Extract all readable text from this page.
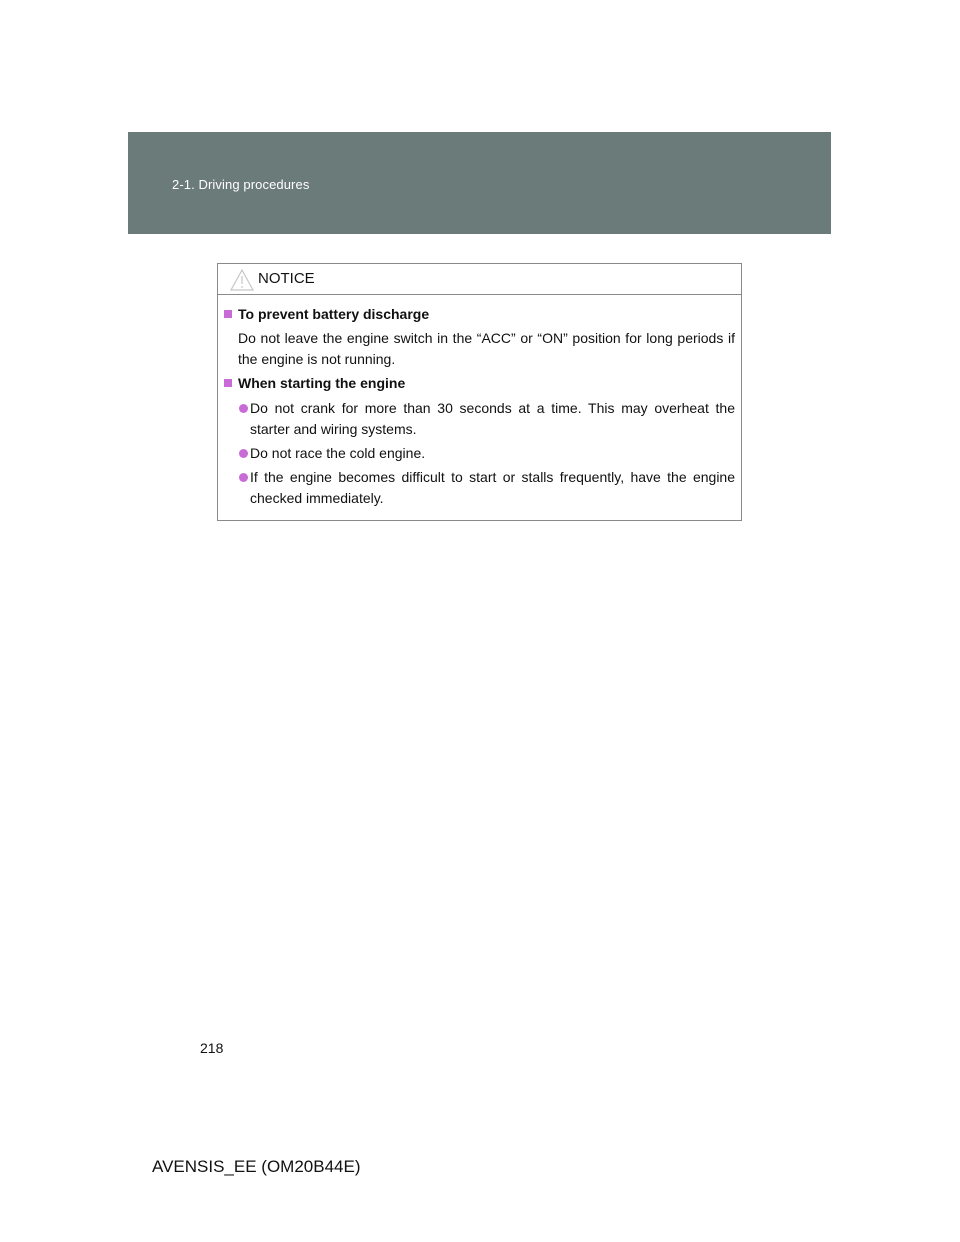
2-1. Driving procedures
NOTICE
To prevent battery discharge
Do not leave the engine switch in the “ACC” or “ON” position for long periods if the engine is not running.
When starting the engine
Do not crank for more than 30 seconds at a time. This may overheat the starter and wiring systems.
Do not race the cold engine.
If the engine becomes difficult to start or stalls frequently, have the engine checked immediately.
218
AVENSIS_EE (OM20B44E)
